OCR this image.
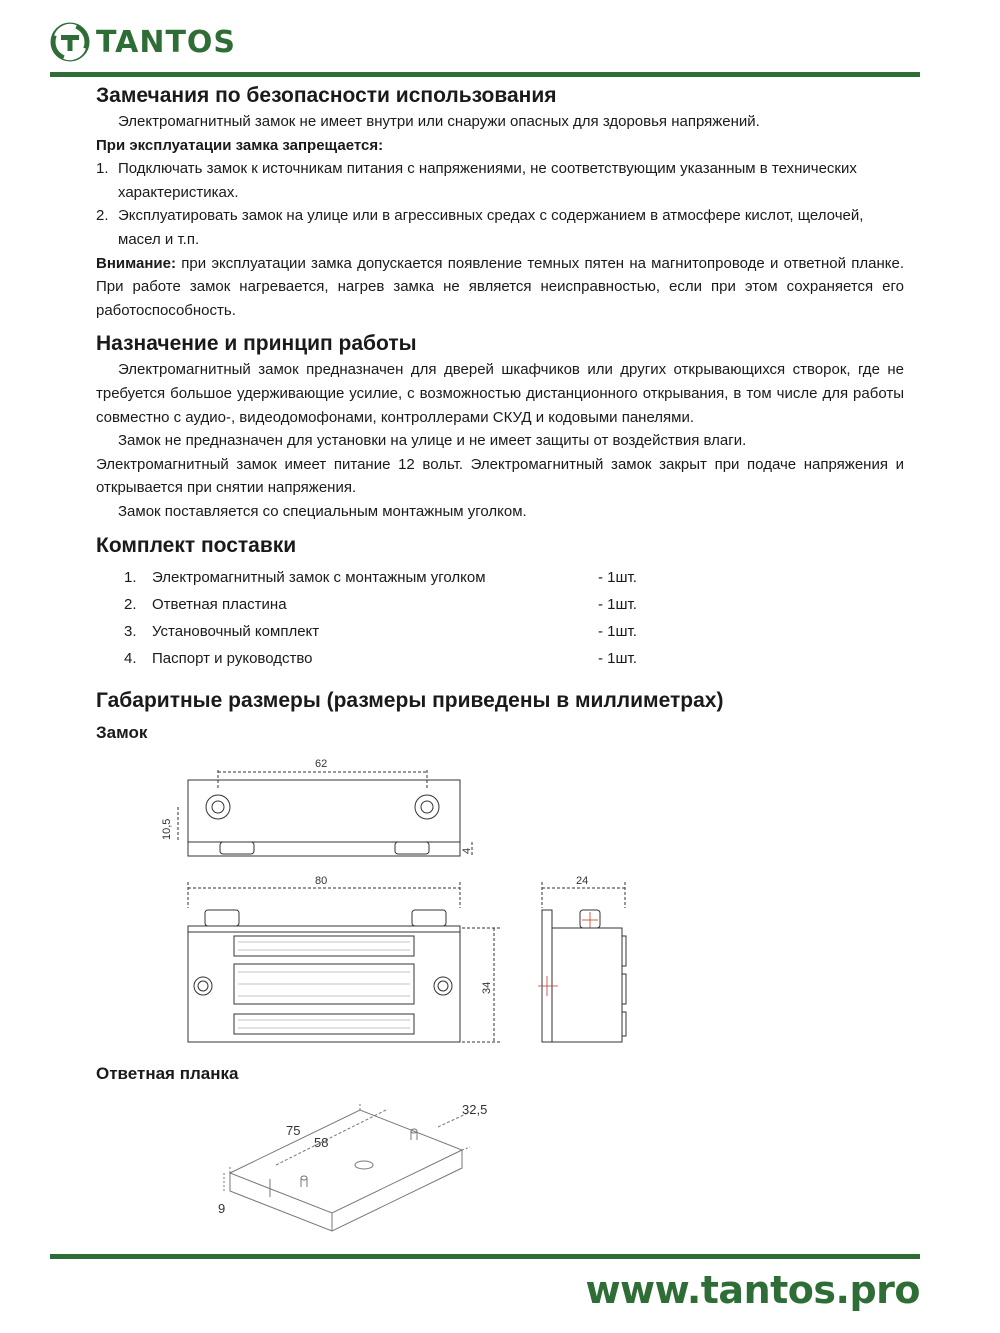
TANTOS
Замечания по безопасности использования

Электромагнитный замок не имеет внутри или снаружи опасных для здоровья напряжений.

При эксплуатации замка запрещается:

1. Подключать замок к источникам питания с напряжениями, не соответствующим указанным в технических характеристиках.
2. Эксплуатировать замок на улице или в агрессивных средах с содержанием в атмосфере кислот, щелочей, масел и т.п.

Внимание: при эксплуатации замка допускается появление темных пятен на магнитопроводе и ответной планке. При работе замок нагревается, нагрев замка не является неисправностью, если при этом сохраняется его работоспособность.

Назначение и принцип работы

Электромагнитный замок предназначен для дверей шкафчиков или других открывающихся створок, где не требуется большое удерживающие усилие, с возможностью дистанционного открывания, в том числе для работы совместно с аудио-, видеодомофонами, контроллерами СКУД и кодовыми панелями.

Замок не предназначен для установки на улице и не имеет защиты от воздействия влаги.

Электромагнитный замок имеет питание 12 вольт. Электромагнитный замок закрыт при подаче напряжения и открывается при снятии напряжения.

Замок поставляется со специальным монтажным уголком.

Комплект поставки
1. Электромагнитный замок с монтажным уголком	- 1шт.
2. Ответная пластина	- 1шт.
3. Установочный комплект	- 1шт.
4. Паспорт и руководство	- 1шт.
Габаритные размеры (размеры приведены в миллиметрах)
Замок
62
10,5
4
80
34
24
Ответная планка
75
58
32,5
9
www.tantos.pro
